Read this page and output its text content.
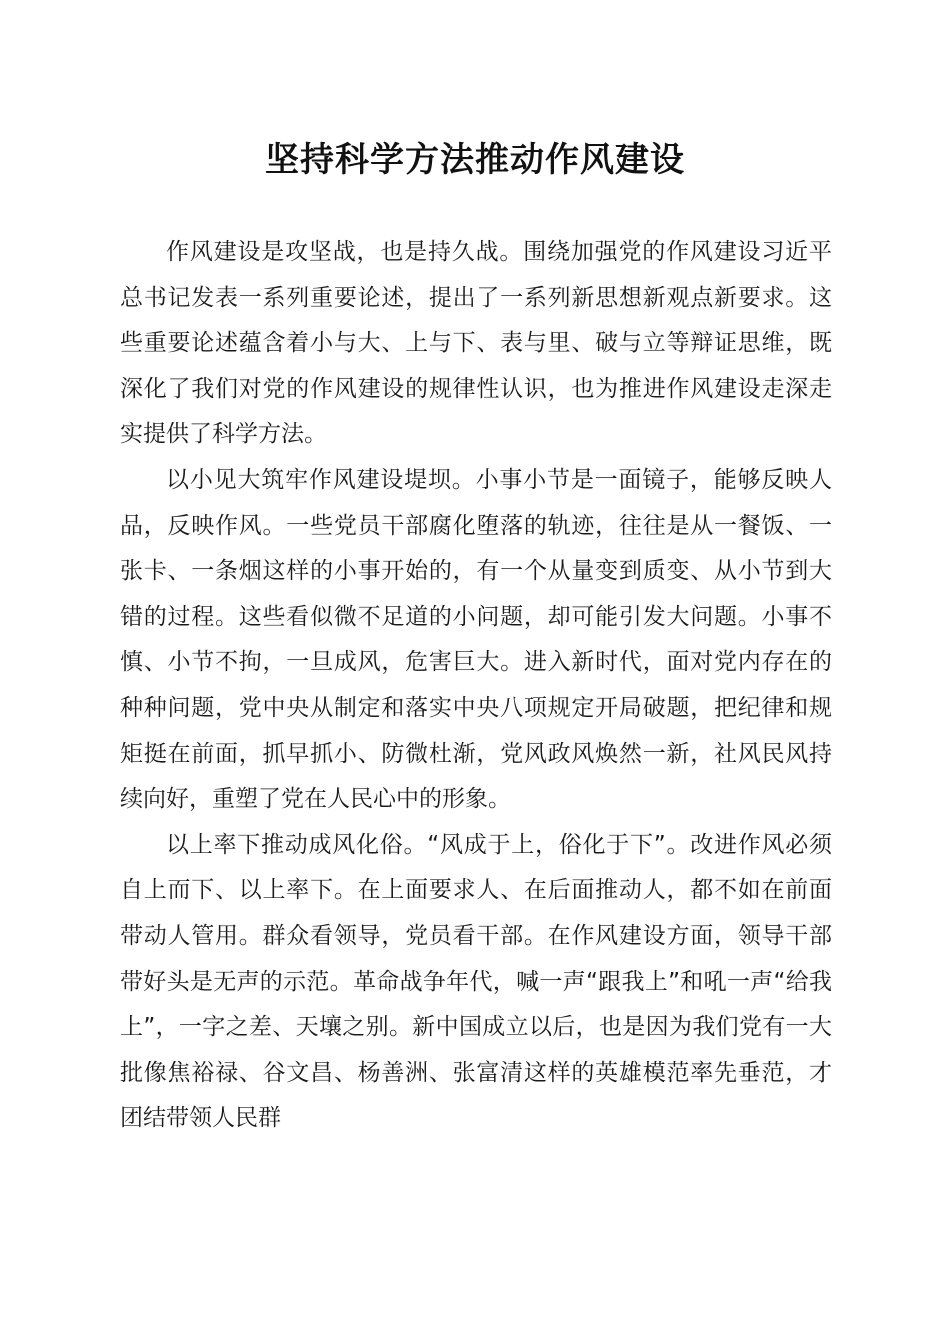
坚持科学方法推动作风建设

作风建设是攻坚战，也是持久战。围绕加强党的作风建设习近平总书记发表一系列重要论述，提出了一系列新思想新观点新要求。这些重要论述蕴含着小与大、上与下、表与里、破与立等辩证思维，既深化了我们对党的作风建设的规律性认识，也为推进作风建设走深走实提供了科学方法。

以小见大筑牢作风建设堤坝。小事小节是一面镜子，能够反映人品，反映作风。一些党员干部腐化堕落的轨迹，往往是从一餐饭、一张卡、一条烟这样的小事开始的，有一个从量变到质变、从小节到大错的过程。这些看似微不足道的小问题，却可能引发大问题。小事不慎、小节不拘，一旦成风，危害巨大。进入新时代，面对党内存在的种种问题，党中央从制定和落实中央八项规定开局破题，把纪律和规矩挺在前面，抓早抓小、防微杜渐，党风政风焕然一新，社风民风持续向好，重塑了党在人民心中的形象。

以上率下推动成风化俗。“风成于上，俗化于下”。改进作风必须自上而下、以上率下。在上面要求人、在后面推动人，都不如在前面带动人管用。群众看领导，党员看干部。在作风建设方面，领导干部带好头是无声的示范。革命战争年代，喊一声“跟我上”和吼一声“给我上”，一字之差、天壤之别。新中国成立以后，也是因为我们党有一大批像焦裕禄、谷文昌、杨善洲、张富清这样的英雄模范率先垂范，才团结带领人民群
